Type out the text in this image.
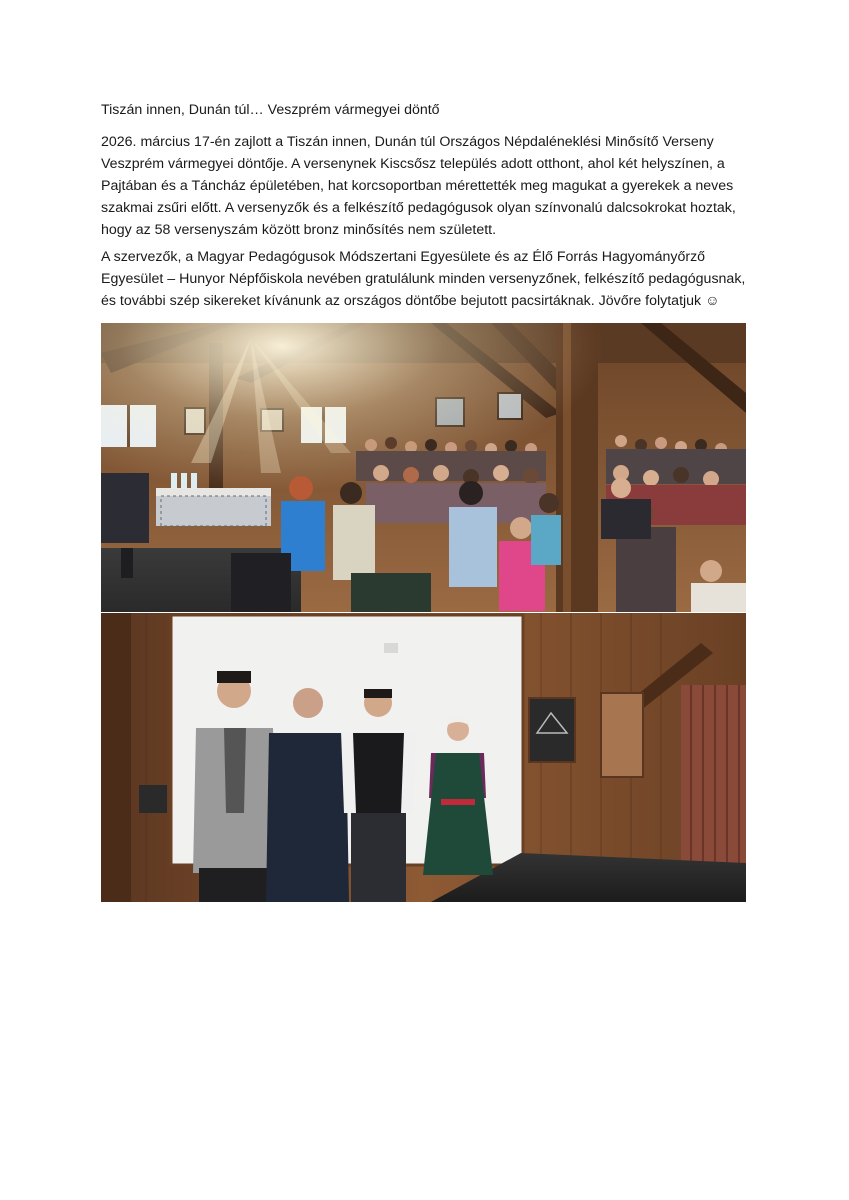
Tiszán innen, Dunán túl… Veszprém vármegyei döntő

2026. március 17-én zajlott a Tiszán innen, Dunán túl Országos Népdaléneklési Minősítő Verseny Veszprém vármegyei döntője. A versenynek Kiscsősz település adott otthont, ahol két helyszínen, a Pajtában és a Táncház épületében, hat korcsoportban mérettették meg magukat a gyerekek a neves szakmai zsűri előtt. A versenyzők és a felkészítő pedagógusok olyan színvonalú dalcsokrokat hoztak, hogy az 58 versenyszám között bronz minősítés nem született.

A szervezők, a Magyar Pedagógusok Módszertani Egyesülete és az Élő Forrás Hagyományőrző Egyesület – Hunyor Népfőiskola nevében gratulálunk minden versenyzőnek, felkészítő pedagógusnak, és további szép sikereket kívánunk az országos döntőbe bejutott pacsirtáknak. Jövőre folytatjuk ☺
